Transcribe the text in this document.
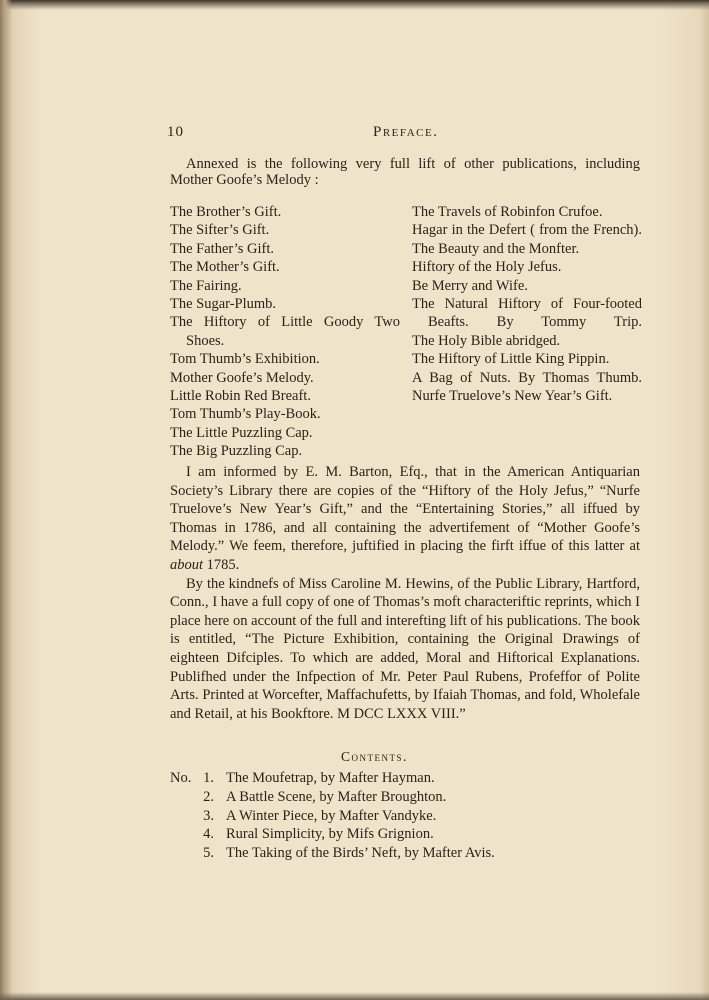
10	Preface.
Annexed is the following very full lift of other publications, including
Mother Goofe’s Melody :

The Brother’s Gift.

The Sifter’s Gift.

The Father’s Gift.

The Mother’s Gift.

The Fairing.

The Sugar-Plumb.

The Hiftory of Little Goody Two Shoes.

Tom Thumb’s Exhibition.

Mother Goofe’s Melody.

Little Robin Red Breaft.

Tom Thumb’s Play-Book.

The Little Puzzling Cap.

The Big Puzzling Cap.

The Travels of Robinfon Crufoe.

Hagar in the Defert ( from the French).

The Beauty and the Monfter.

Hiftory of the Holy Jefus.

Be Merry and Wife.

The Natural Hiftory of Four-footed Beafts. By Tommy Trip.

The Holy Bible abridged.

The Hiftory of Little King Pippin.

A Bag of Nuts. By Thomas Thumb.

Nurfe Truelove’s New Year’s Gift.

I am informed by E. M. Barton, Efq., that in the American Antiquarian Society’s Library there are copies of the “Hiftory of the Holy Jefus,” “Nurfe Truelove’s New Year’s Gift,” and the “Entertaining Stories,” all iffued by Thomas in 1786, and all containing the advertifement of “Mother Goofe’s Melody.” We feem, therefore, juftified in placing the firft iffue of this latter at about 1785.

By the kindnefs of Miss Caroline M. Hewins, of the Public Library, Hartford, Conn., I have a full copy of one of Thomas’s moft characteriftic reprints, which I place here on account of the full and interefting lift of his publications. The book is entitled, “The Picture Exhibition, containing the Original Drawings of eighteen Difciples. To which are added, Moral and Hiftorical Explanations. Publifhed under the Infpection of Mr. Peter Paul Rubens, Profeffor of Polite Arts. Printed at Worcefter, Maffachufetts, by Ifaiah Thomas, and fold, Wholefale and Retail, at his Bookftore. M DCC LXXX VIII.”

Contents.
No. 1. The Moufetrap, by Mafter Hayman.
2. A Battle Scene, by Mafter Broughton.
3. A Winter Piece, by Mafter Vandyke.
4. Rural Simplicity, by Mifs Grignion.
5. The Taking of the Birds’ Neft, by Mafter Avis.
